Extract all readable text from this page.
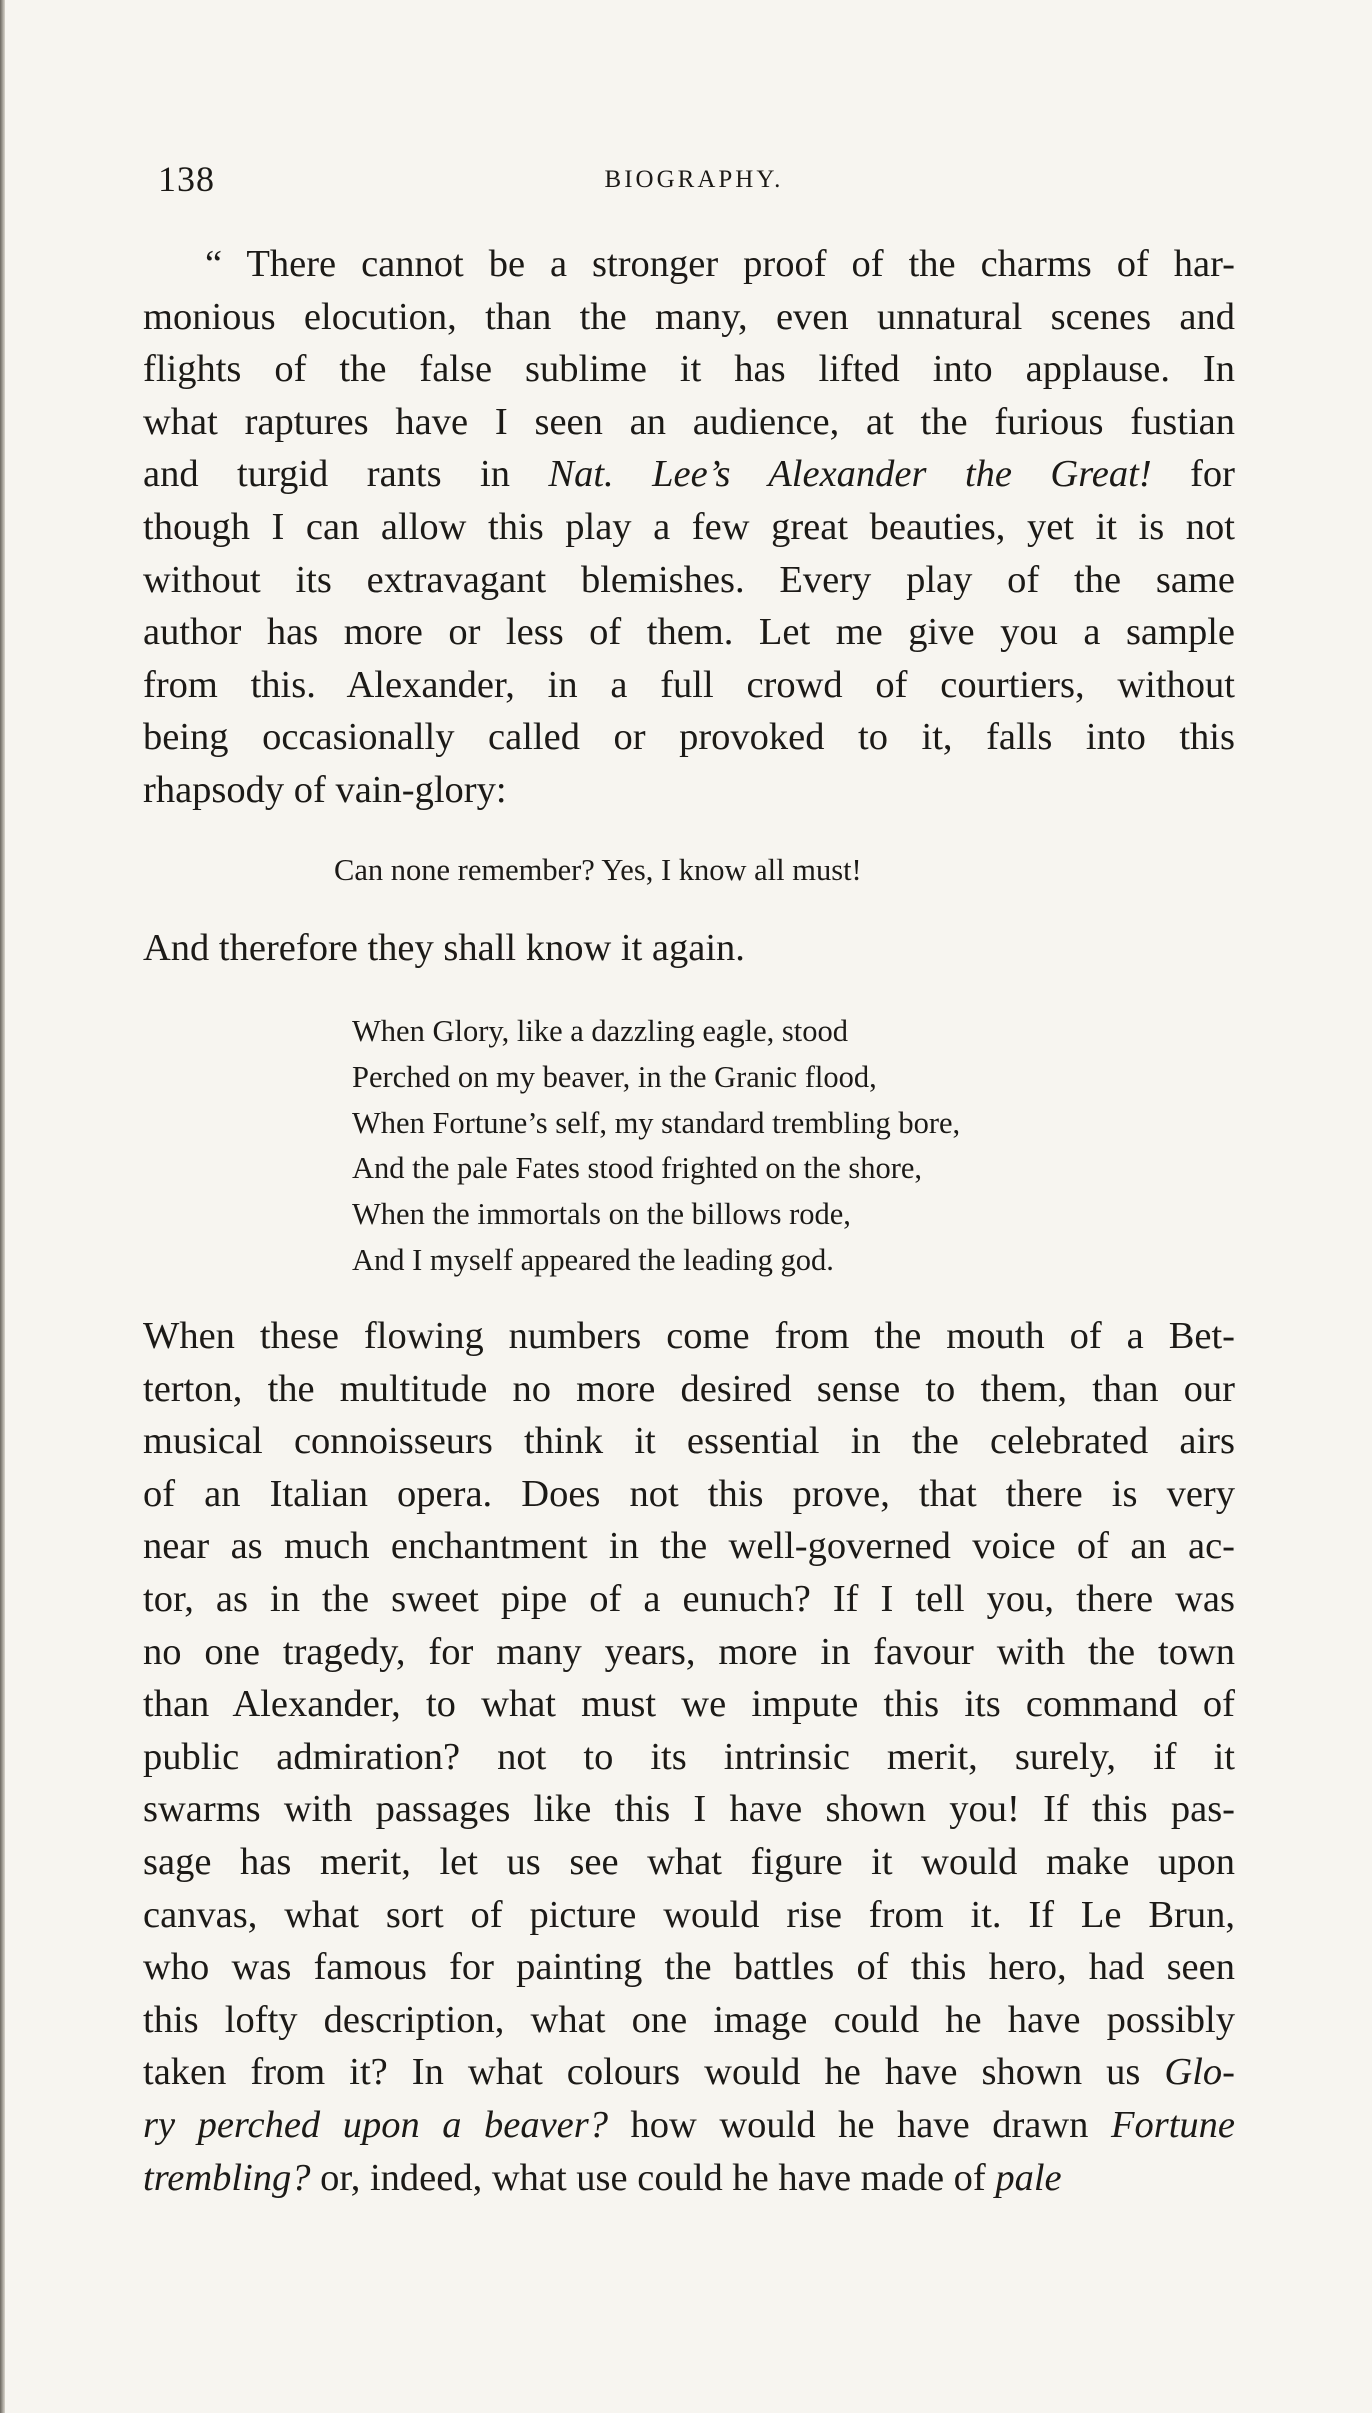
138	BIOGRAPHY.
“ There cannot be a stronger proof of the charms of har-
monious elocution, than the many, even unnatural scenes and
flights of the false sublime it has lifted into applause. In
what raptures have I seen an audience, at the furious fustian
and turgid rants in Nat. Lee’s Alexander the Great! for
though I can allow this play a few great beauties, yet it is not
without its extravagant blemishes. Every play of the same
author has more or less of them. Let me give you a sample
from this. Alexander, in a full crowd of courtiers, without
being occasionally called or provoked to it, falls into this
rhapsody of vain-glory:
Can none remember? Yes, I know all must!
And therefore they shall know it again.
When Glory, like a dazzling eagle, stood
Perched on my beaver, in the Granic flood,
When Fortune’s self, my standard trembling bore,
And the pale Fates stood frighted on the shore,
When the immortals on the billows rode,
And I myself appeared the leading god.
When these flowing numbers come from the mouth of a Bet-
terton, the multitude no more desired sense to them, than our
musical connoisseurs think it essential in the celebrated airs
of an Italian opera. Does not this prove, that there is very
near as much enchantment in the well-governed voice of an ac-
tor, as in the sweet pipe of a eunuch? If I tell you, there was
no one tragedy, for many years, more in favour with the town
than Alexander, to what must we impute this its command of
public admiration? not to its intrinsic merit, surely, if it
swarms with passages like this I have shown you! If this pas-
sage has merit, let us see what figure it would make upon
canvas, what sort of picture would rise from it. If Le Brun,
who was famous for painting the battles of this hero, had seen
this lofty description, what one image could he have possibly
taken from it? In what colours would he have shown us Glo-
ry perched upon a beaver? how would he have drawn Fortune
trembling? or, indeed, what use could he have made of pale
